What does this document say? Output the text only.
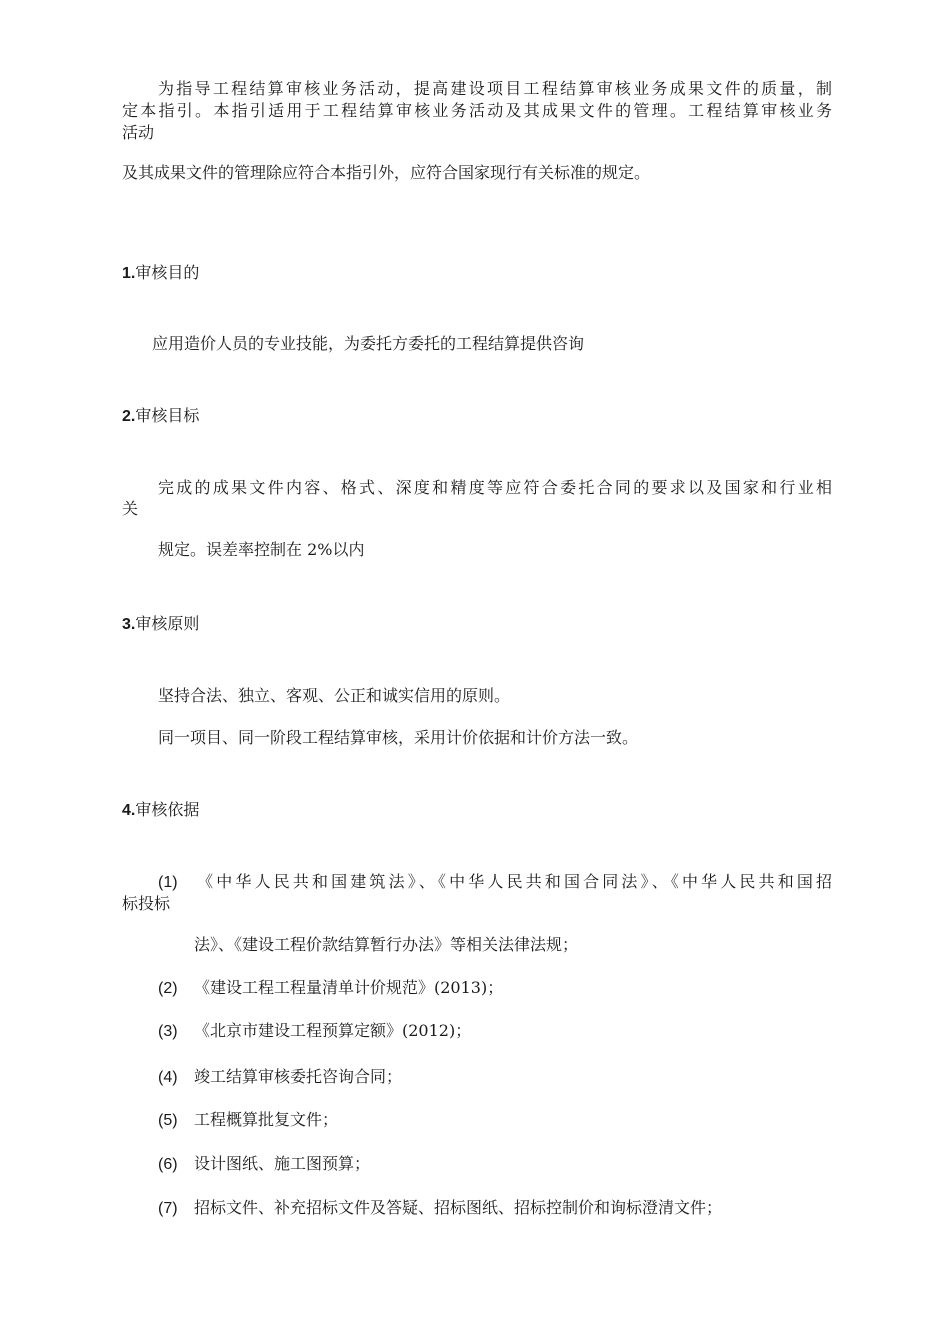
为指导工程结算审核业务活动，提高建设项目工程结算审核业务成果文件的质量，制
定本指引。本指引适用于工程结算审核业务活动及其成果文件的管理。工程结算审核业务
活动
及其成果文件的管理除应符合本指引外，应符合国家现行有关标准的规定。
1.审核目的
应用造价人员的专业技能，为委托方委托的工程结算提供咨询
2.审核目标
完成的成果文件内容、格式、深度和精度等应符合委托合同的要求以及国家和行业相
关
规定。误差率控制在 2%以内
3.审核原则
坚持合法、独立、客观、公正和诚实信用的原则。
同一项目、同一阶段工程结算审核，采用计价依据和计价方法一致。
4.审核依据
(1) 《中华人民共和国建筑法》、《中华人民共和国合同法》、《中华人民共和国招
标投标
法》、《建设工程价款结算暂行办法》等相关法律法规；
(2) 《建设工程工程量清单计价规范》(2013)；
(3) 《北京市建设工程预算定额》(2012)；
(4) 竣工结算审核委托咨询合同；
(5) 工程概算批复文件；
(6) 设计图纸、施工图预算；
(7) 招标文件、补充招标文件及答疑、招标图纸、招标控制价和询标澄清文件；
